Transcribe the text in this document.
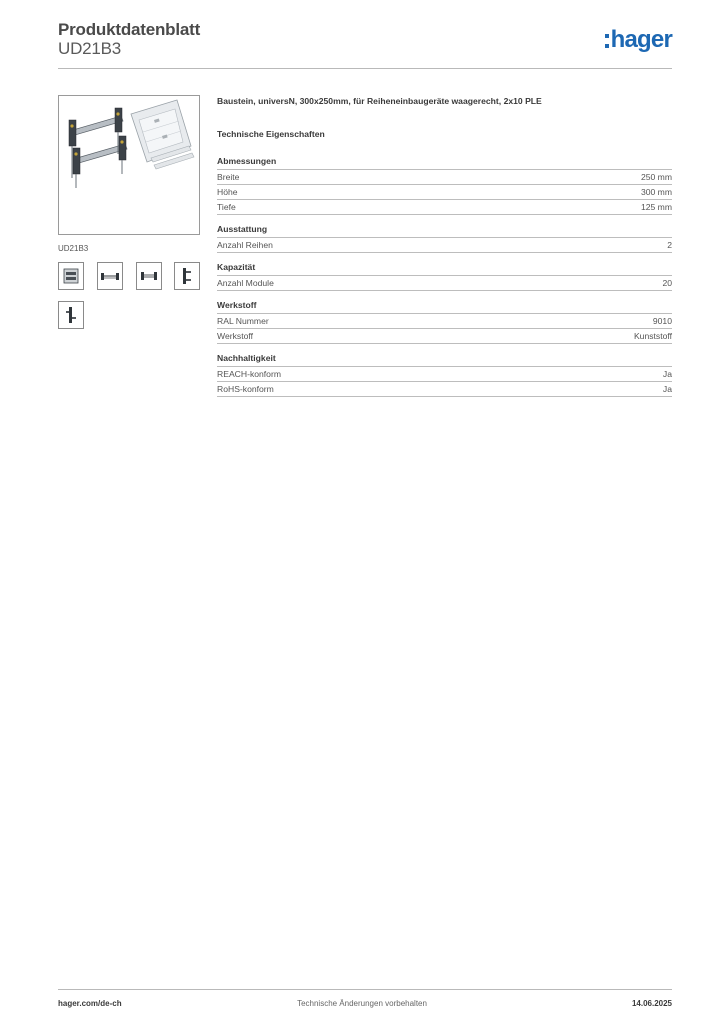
Produktdatenblatt
UD21B3	hager
UD21B3
Baustein, universN, 300x250mm, für Reiheneinbaugeräte waagerecht, 2x10 PLE
Technische Eigenschaften
Abmessungen
Breite	250 mm
Höhe	300 mm
Tiefe	125 mm
Ausstattung
Anzahl Reihen	2
Kapazität
Anzahl Module	20
Werkstoff
RAL Nummer	9010
Werkstoff	Kunststoff
Nachhaltigkeit
REACH-konform	Ja
RoHS-konform	Ja
hager.com/de-ch	Technische Änderungen vorbehalten	14.06.2025
